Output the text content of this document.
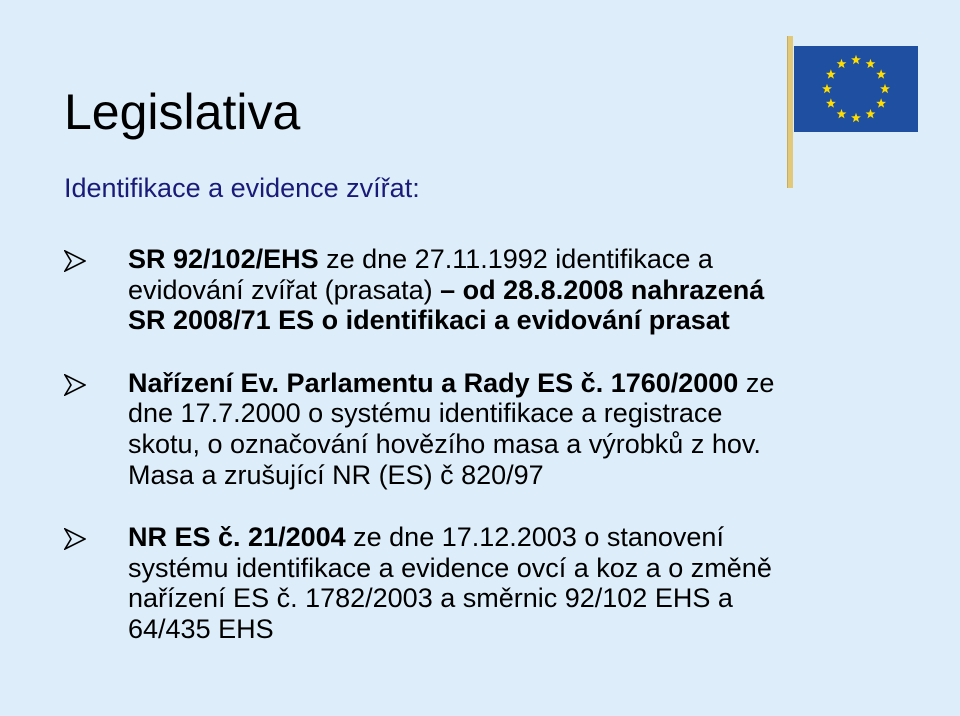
Legislativa
Identifikace a evidence zvířat:
SR 92/102/EHS ze dne 27.11.1992 identifikace a
evidování zvířat (prasata) – od 28.8.2008 nahrazená
SR 2008/71 ES o identifikaci a evidování prasat
Nařízení Ev. Parlamentu a Rady ES č. 1760/2000 ze
dne 17.7.2000 o systému identifikace a registrace
skotu, o označování hovězího masa a výrobků z hov.
Masa a zrušující NR (ES) č 820/97
NR ES č. 21/2004 ze dne 17.12.2003 o stanovení
systému identifikace a evidence ovcí a koz a o změně
nařízení ES č. 1782/2003 a směrnic 92/102 EHS a
64/435 EHS
